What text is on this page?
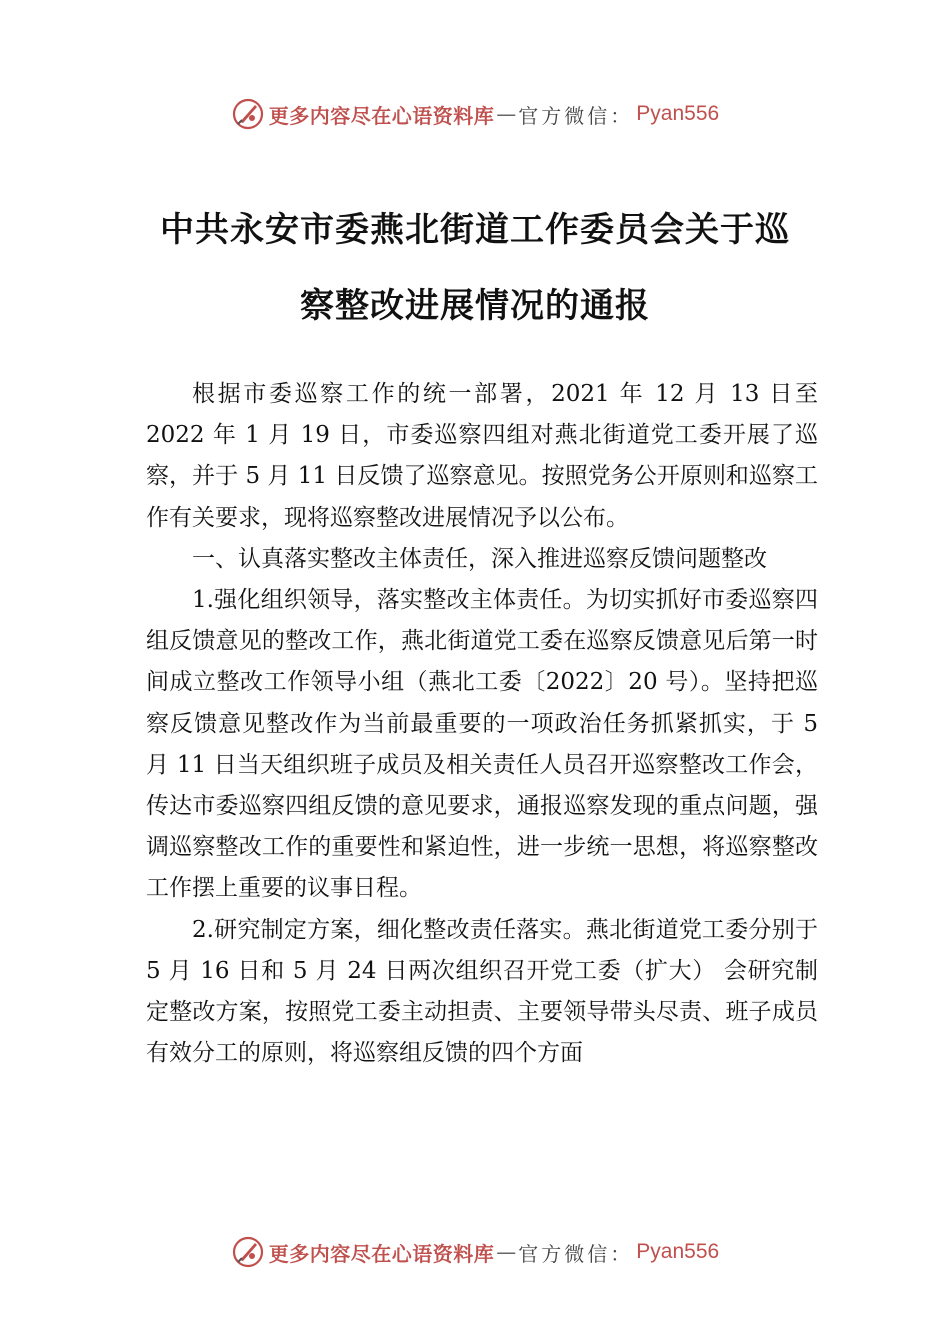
更多内容尽在心语资料库 — 官方微信 ： Pyan556
中共永安市委燕北街道工作委员会关于巡
察整改进展情况的通报

根据市委巡察工作的统一部署，2021 年 12 月 13 日至 2022 年 1 月 19 日，市委巡察四组对燕北街道党工委开展了巡察，并于 5 月 11 日反馈了巡察意见。按照党务公开原则和巡察工作有关要求，现将巡察整改进展情况予以公布。

一、认真落实整改主体责任，深入推进巡察反馈问题整改

1.强化组织领导，落实整改主体责任。为切实抓好市委巡察四组反馈意见的整改工作，燕北街道党工委在巡察反馈意见后第一时间成立整改工作领导小组（燕北工委〔2022〕20 号）。坚持把巡察反馈意见整改作为当前最重要的一项政治任务抓紧抓实，于 5 月 11 日当天组织班子成员及相关责任人员召开巡察整改工作会，传达市委巡察四组反馈的意见要求，通报巡察发现的重点问题，强调巡察整改工作的重要性和紧迫性，进一步统一思想，将巡察整改工作摆上重要的议事日程。

2.研究制定方案，细化整改责任落实。燕北街道党工委分别于 5 月 16 日和 5 月 24 日两次组织召开党工委（扩大） 会研究制定整改方案，按照党工委主动担责、主要领导带头尽责、班子成员有效分工的原则，将巡察组反馈的四个方面

更多内容尽在心语资料库 — 官方微信 ： Pyan556
